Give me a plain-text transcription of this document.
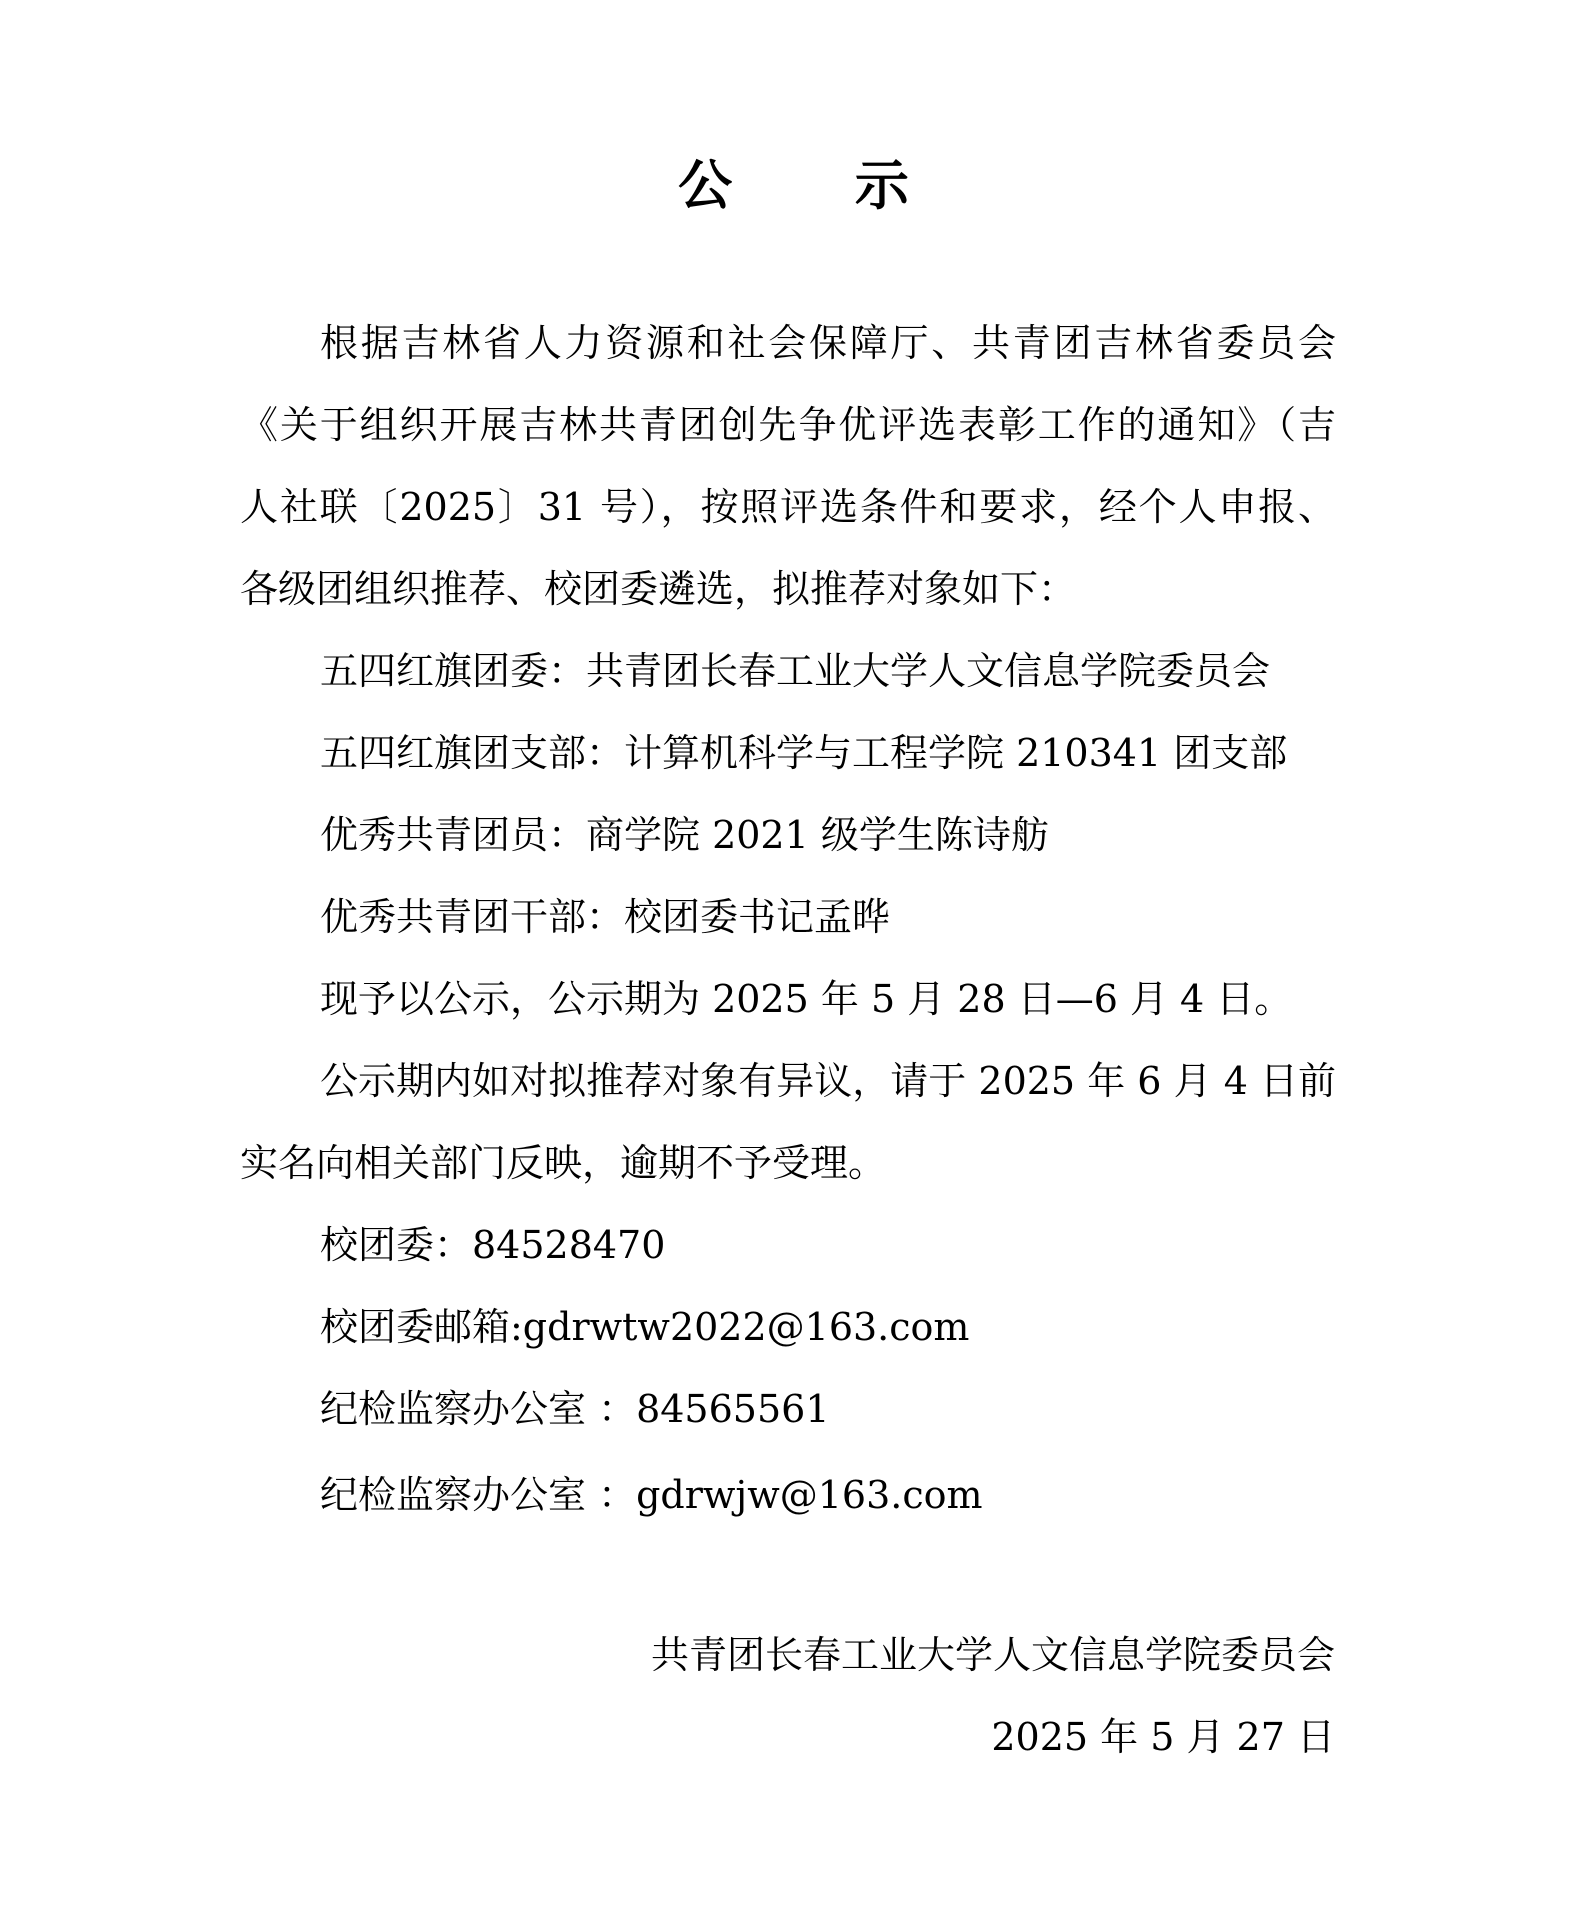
公 示
根据吉林省人力资源和社会保障厅、共青团吉林省委员会
《关于组织开展吉林共青团创先争优评选表彰工作的通知》（吉
人社联〔2025〕31 号），按照评选条件和要求，经个人申报、
各级团组织推荐、校团委遴选，拟推荐对象如下：
五四红旗团委：共青团长春工业大学人文信息学院委员会
五四红旗团支部：计算机科学与工程学院 210341 团支部
优秀共青团员：商学院 2021 级学生陈诗舫
优秀共青团干部：校团委书记孟晔
现予以公示，公示期为 2025 年 5 月 28 日—6 月 4 日。
公示期内如对拟推荐对象有异议，请于 2025 年 6 月 4 日前
实名向相关部门反映，逾期不予受理。
校团委：84528470
校团委邮箱:gdrwtw2022@163.com
纪检监察办公室 ：84565561
纪检监察办公室 ：gdrwjw@163.com
共青团长春工业大学人文信息学院委员会
2025 年 5 月 27 日
